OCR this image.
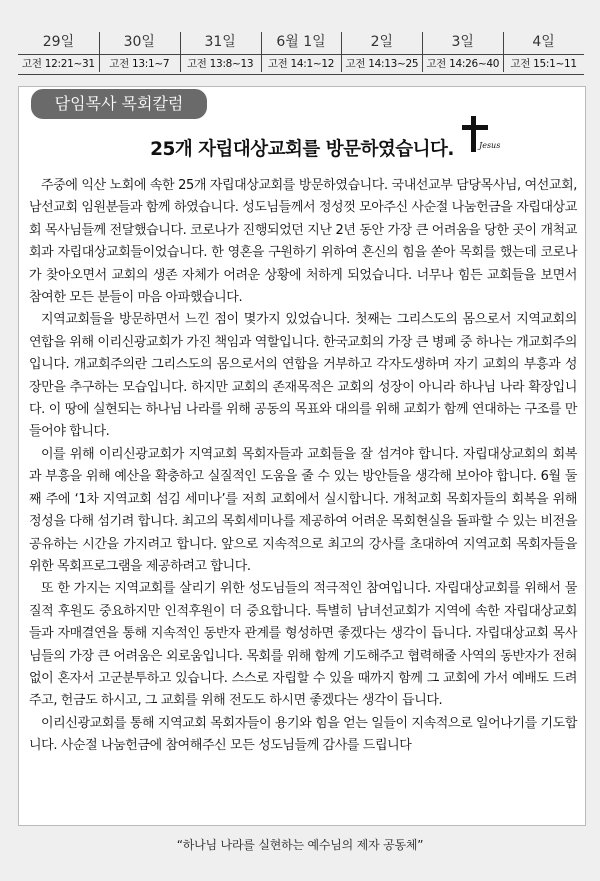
29일
고전 12:21~31
30일
고전 13:1~7
31일
고전 13:8~13
6월 1일
고전 14:1~12
2일
고전 14:13~25
3일
고전 14:26~40
4일
고전 15:1~11
담임목사 목회칼럼
25개 자립대상교회를 방문하였습니다.	Jesus

주중에 익산 노회에 속한 25개 자립대상교회를 방문하였습니다. 국내선교부 담당목사님, 여선교회, 남선교회 임원분들과 함께 하였습니다. 성도님들께서 정성껏 모아주신 사순절 나눔헌금을 자립대상교회 목사님들께 전달했습니다. 코로나가 진행되었던 지난 2년 동안 가장 큰 어려움을 당한 곳이 개척교회과 자립대상교회들이었습니다. 한 영혼을 구원하기 위하여 혼신의 힘을 쏟아 목회를 했는데 코로나가 찾아오면서 교회의 생존 자체가 어려운 상황에 처하게 되었습니다. 너무나 힘든 교회들을 보면서 참여한 모든 분들이 마음 아파했습니다.

지역교회들을 방문하면서 느낀 점이 몇가지 있었습니다. 첫째는 그리스도의 몸으로서 지역교회의 연합을 위해 이리신광교회가 가진 책임과 역할입니다. 한국교회의 가장 큰 병폐 중 하나는 개교회주의입니다. 개교회주의란 그리스도의 몸으로서의 연합을 거부하고 각자도생하며 자기 교회의 부흥과 성장만을 추구하는 모습입니다. 하지만 교회의 존재목적은 교회의 성장이 아니라 하나님 나라 확장입니다. 이 땅에 실현되는 하나님 나라를 위해 공동의 목표와 대의를 위해 교회가 함께 연대하는 구조를 만들어야 합니다.

이를 위해 이리신광교회가 지역교회 목회자들과 교회들을 잘 섬겨야 합니다. 자립대상교회의 회복과 부흥을 위해 예산을 확충하고 실질적인 도움을 줄 수 있는 방안들을 생각해 보아야 합니다. 6월 둘째 주에 ‘1차 지역교회 섬김 세미나’를 저희 교회에서 실시합니다. 개척교회 목회자들의 회복을 위해 정성을 다해 섬기려 합니다. 최고의 목회세미나를 제공하여 어려운 목회현실을 돌파할 수 있는 비전을 공유하는 시간을 가지려고 합니다. 앞으로 지속적으로 최고의 강사를 초대하여 지역교회 목회자들을 위한 목회프로그램을 제공하려고 합니다.

또 한 가지는 지역교회를 살리기 위한 성도님들의 적극적인 참여입니다. 자립대상교회를 위해서 물질적 후원도 중요하지만 인적후원이 더 중요합니다. 특별히 남녀선교회가 지역에 속한 자립대상교회들과 자매결연을 통해 지속적인 동반자 관계를 형성하면 좋겠다는 생각이 듭니다. 자립대상교회 목사님들의 가장 큰 어려움은 외로움입니다. 목회를 위해 함께 기도해주고 협력해줄 사역의 동반자가 전혀 없이 혼자서 고군분투하고 있습니다. 스스로 자립할 수 있을 때까지 함께 그 교회에 가서 예배도 드려주고, 헌금도 하시고, 그 교회를 위해 전도도 하시면 좋겠다는 생각이 듭니다.

이리신광교회를 통해 지역교회 목회자들이 용기와 힘을 얻는 일들이 지속적으로 일어나기를 기도합니다. 사순절 나눔헌금에 참여해주신 모든 성도님들께 감사를 드립니다

“하나님 나라를 실현하는 예수님의 제자 공동체”
